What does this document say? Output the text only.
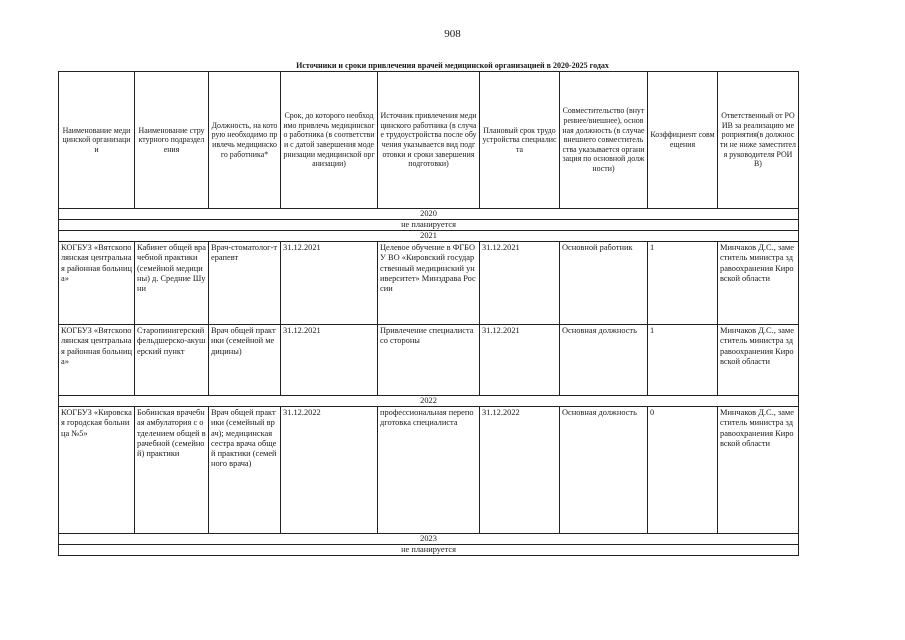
908
Источники и сроки привлечения врачей медицинской организацией в 2020-2025 годах
Наименование медицинской организации	Наименование структурного подразделения	Должность, на которую необходимо привлечь медицинского работника*	Срок, до которого необходимо привлечь медицинского работника (в соответствии с датой завершения модернизации медицинской организации)	Источник привлечения медицинского работника (в случае трудоустройства после обучения указывается вид подготовки и сроки завершения подготовки)	Плановый срок трудоустройства специалиста	Совместительство (внутреннее/внешнее), основная должность (в случае внешнего совместительства указывается организация по основной должности)	Коэффициент совмещения	Ответственный от РОИВ за реализацию мероприятия(в должности не ниже заместителя руководителя РОИВ)
2020								
не планируется								
2021								
КОГБУЗ «Вятскополянская центральная районная больница»	Кабинет общей врачебной практики (семейной медицины) д. Средние Шуни	Врач-стоматолог-терапевт	31.12.2021	Целевое обучение в ФГБОУ ВО «Кировский государственный медицинский университет» Минздрава России	31.12.2021	Основной работник	1	Минчаков Д.С., заместитель министра здравоохранения Кировской области
КОГБУЗ «Вятскополянская центральная районная больница»	Старопинигерский фельдшерско-акушерский пункт	Врач общей практики (семейной медицины)	31.12.2021	Привлечение специалиста со стороны	31.12.2021	Основная должность	1	Минчаков Д.С., заместитель министра здравоохранения Кировской области
2022								
КОГБУЗ «Кировская городская больница №5»	Бобинская врачебная амбулатория с отделением общей врачебной (семейной) практики	Врач общей практики (семейный врач); медицинская сестра врача общей практики (семейного врача)	31.12.2022	профессиональная переподготовка специалиста	31.12.2022	Основная должность	0	Минчаков Д.С., заместитель министра здравоохранения Кировской области
2023								
не планируется								
